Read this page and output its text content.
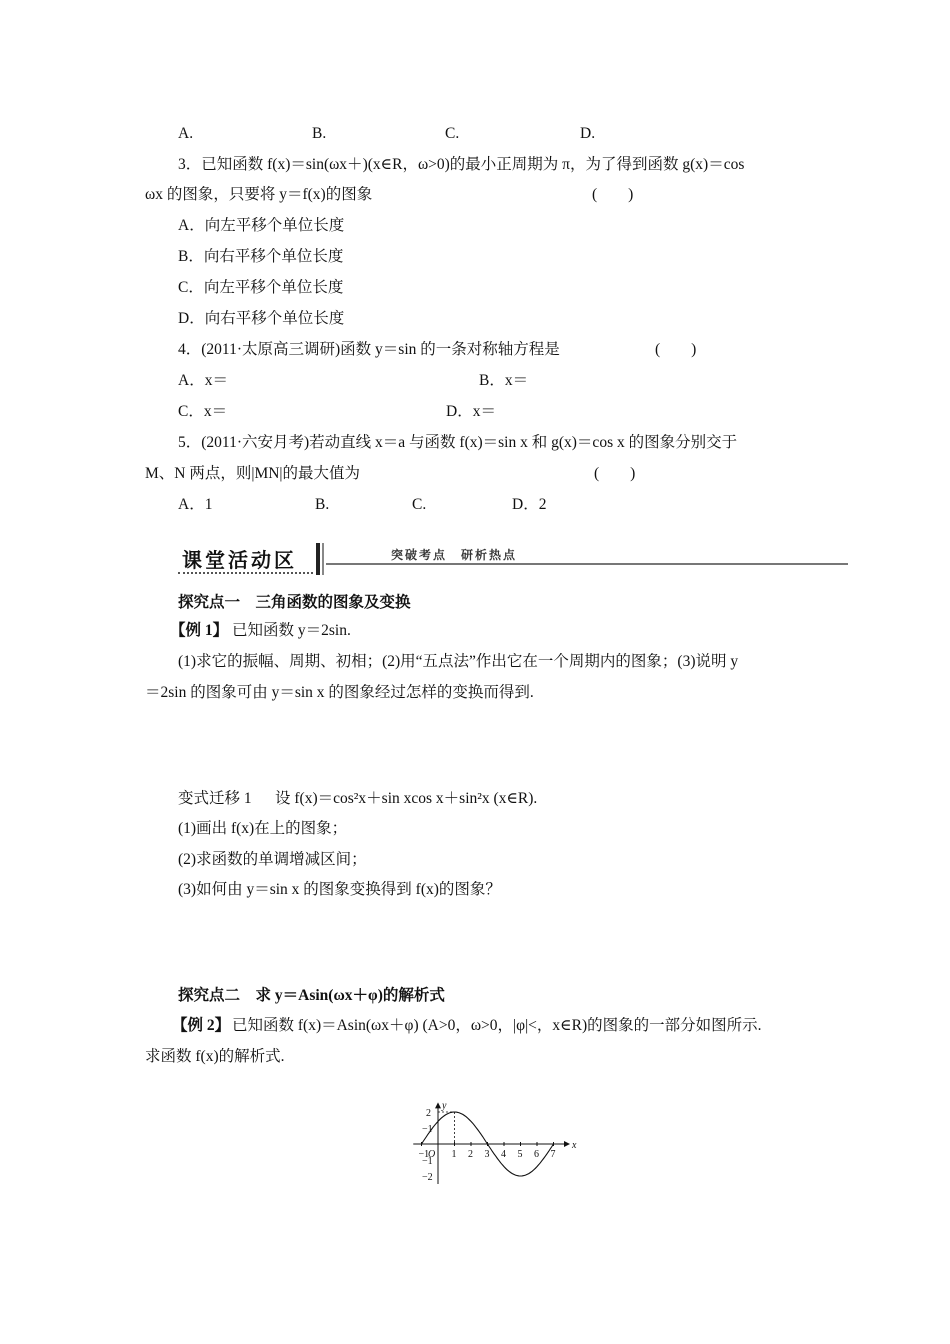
A.	B.	C.	D.
3．已知函数 f(x)＝sin(ωx＋)(x∈R，ω>0)的最小正周期为 π，为了得到函数 g(x)＝cos
ωx 的图象，只要将 y＝f(x)的图象	(　　)
A．向左平移个单位长度
B．向右平移个单位长度
C．向左平移个单位长度
D．向右平移个单位长度
4．(2011·太原高三调研)函数 y＝sin 的一条对称轴方程是	(　　)
A．x＝	B．x＝
C．x＝	D．x＝
5．(2011·六安月考)若动直线 x＝a 与函数 f(x)＝sin x 和 g(x)＝cos x 的图象分别交于
M、N 两点，则|MN|的最大值为	(　　)
A．1	B.	C.	D．2
课堂活动区	突破考点　研析热点
探究点一　三角函数的图象及变换
【例 1】 已知函数 y＝2sin.
(1)求它的振幅、周期、初相；(2)用“五点法”作出它在一个周期内的图象；(3)说明 y
＝2sin 的图象可由 y＝sin x 的图象经过怎样的变换而得到.
变式迁移 1 设 f(x)＝cos²x＋sin xcos x＋sin²x (x∈R).
(1)画出 f(x)在上的图象；
(2)求函数的单调增减区间；
(3)如何由 y＝sin x 的图象变换得到 f(x)的图象？
探究点二　求 y＝Asin(ωx＋φ)的解析式
【例 2】 已知函数 f(x)＝Asin(ωx＋φ) (A>0，ω>0，|φ|<，x∈R)的图象的一部分如图所示.
求函数 f(x)的解析式.
x
y
O
−1 1 2 3 4 5 6 7
2
−1
−1
−2
